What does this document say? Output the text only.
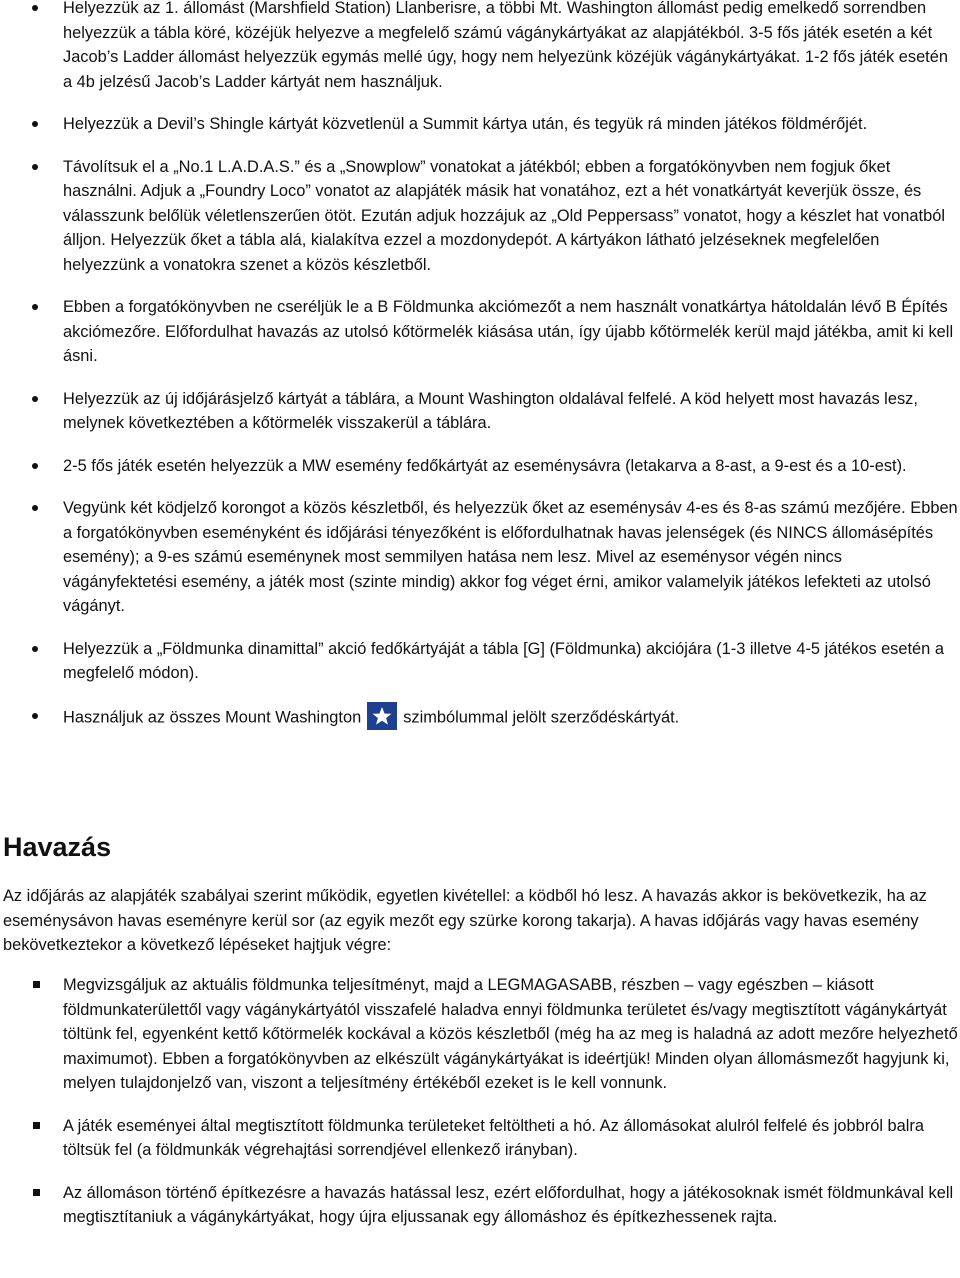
Helyezzük az 1. állomást (Marshfield Station) Llanberisre, a többi Mt. Washington állomást pedig emelkedő sorrendben helyezzük a tábla köré, közéjük helyezve a megfelelő számú vágánykártyákat az alapjátékból. 3-5 fős játék esetén a két Jacob’s Ladder állomást helyezzük egymás mellé úgy, hogy nem helyezünk közéjük vágánykártyákat. 1-2 fős játék esetén a 4b jelzésű Jacob’s Ladder kártyát nem használjuk.

Helyezzük a Devil’s Shingle kártyát közvetlenül a Summit kártya után, és tegyük rá minden játékos földmérőjét.

Távolítsuk el a „No.1 L.A.D.A.S.” és a „Snowplow” vonatokat a játékból; ebben a forgatókönyvben nem fogjuk őket használni. Adjuk a „Foundry Loco” vonatot az alapjáték másik hat vonatához, ezt a hét vonatkártyát keverjük össze, és válasszunk belőlük véletlenszerűen ötöt. Ezután adjuk hozzájuk az „Old Peppersass” vonatot, hogy a készlet hat vonatból álljon. Helyezzük őket a tábla alá, kialakítva ezzel a mozdonydepót. A kártyákon látható jelzéseknek megfelelően helyezzünk a vonatokra szenet a közös készletből.

Ebben a forgatókönyvben ne cseréljük le a B Földmunka akciómezőt a nem használt vonatkártya hátoldalán lévő B Építés akciómezőre. Előfordulhat havazás az utolsó kőtörmelék kiásása után, így újabb kőtörmelék kerül majd játékba, amit ki kell ásni.

Helyezzük az új időjárásjelző kártyát a táblára, a Mount Washington oldalával felfelé. A köd helyett most havazás lesz, melynek következtében a kőtörmelék visszakerül a táblára.

2-5 fős játék esetén helyezzük a MW esemény fedőkártyát az eseménysávra (letakarva a 8-ast, a 9-est és a 10-est).

Vegyünk két ködjelző korongot a közös készletből, és helyezzük őket az eseménysáv 4-es és 8-as számú mezőjére. Ebben a forgatókönyvben eseményként és időjárási tényezőként is előfordulhatnak havas jelenségek (és NINCS állomásépítés esemény); a 9-es számú eseménynek most semmilyen hatása nem lesz. Mivel az eseménysor végén nincs vágányfektetési esemény, a játék most (szinte mindig) akkor fog véget érni, amikor valamelyik játékos lefekteti az utolsó vágányt.

Helyezzük a „Földmunka dinamittal” akció fedőkártyáját a tábla [G] (Földmunka) akciójára (1-3 illetve 4-5 játékos esetén a megfelelő módon).

Használjuk az összes Mount Washington	szimbólummal jelölt szerződéskártyát.

Havazás

Az időjárás az alapjáték szabályai szerint működik, egyetlen kivétellel: a ködből hó lesz. A havazás akkor is bekövetkezik, ha az eseménysávon havas eseményre kerül sor (az egyik mezőt egy szürke korong takarja). A havas időjárás vagy havas esemény bekövetkeztekor a következő lépéseket hajtjuk végre:

Megvizsgáljuk az aktuális földmunka teljesítményt, majd a LEGMAGASABB, részben – vagy egészben – kiásott földmunkaterülettől vagy vágánykártyától visszafelé haladva ennyi földmunka területet és/vagy megtisztított vágánykártyát töltünk fel, egyenként kettő kőtörmelék kockával a közös készletből (még ha az meg is haladná az adott mezőre helyezhető maximumot). Ebben a forgatókönyvben az elkészült vágánykártyákat is ideértjük! Minden olyan állomásmezőt hagyjunk ki, melyen tulajdonjelző van, viszont a teljesítmény értékéből ezeket is le kell vonnunk.

A játék eseményei által megtisztított földmunka területeket feltöltheti a hó. Az állomásokat alulról felfelé és jobbról balra töltsük fel (a földmunkák végrehajtási sorrendjével ellenkező irányban).

Az állomáson történő építkezésre a havazás hatással lesz, ezért előfordulhat, hogy a játékosoknak ismét földmunkával kell megtisztítaniuk a vágánykártyákat, hogy újra eljussanak egy állomáshoz és építkezhessenek rajta.
